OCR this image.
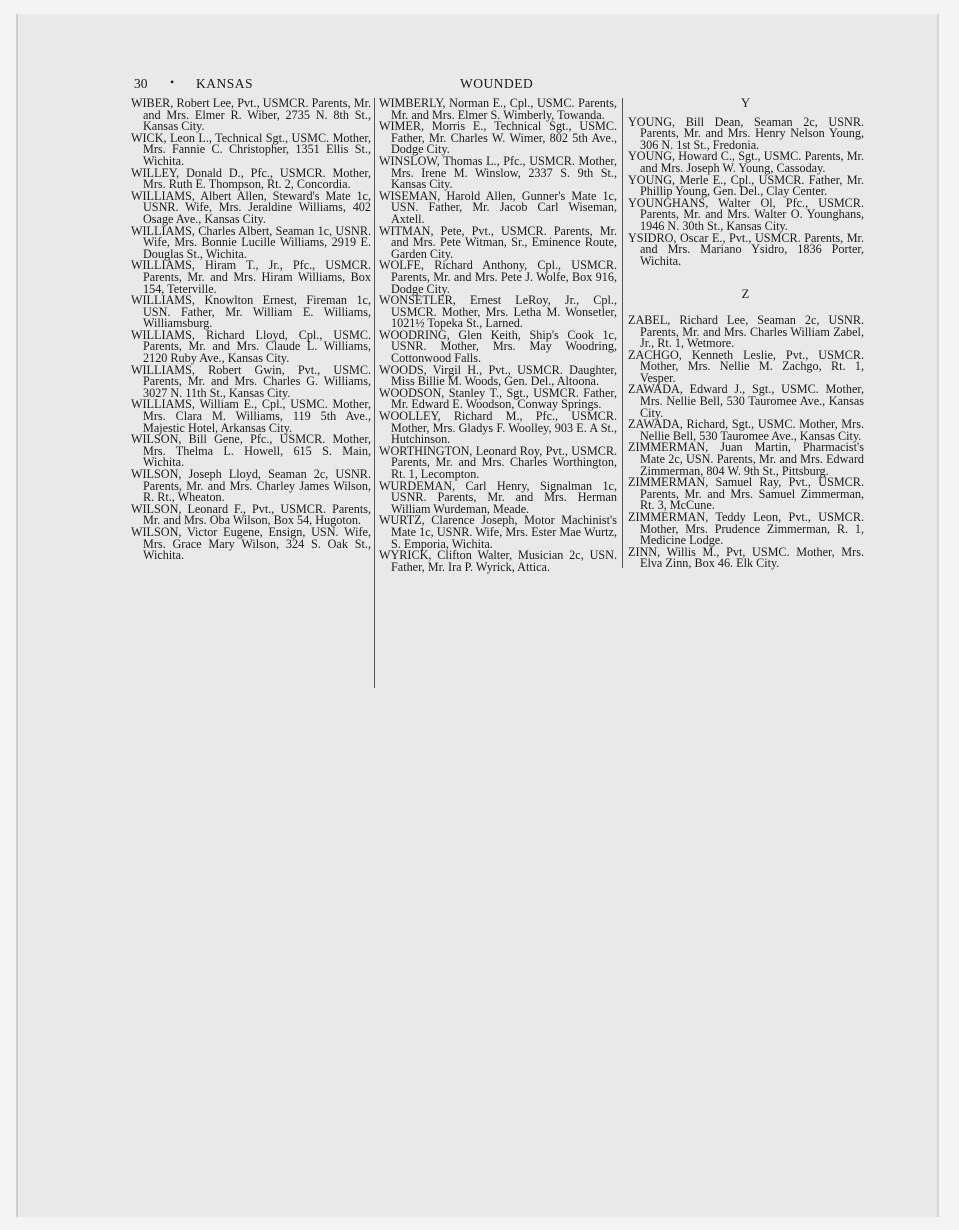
30 • KANSAS	WOUNDED
WIBER, Robert Lee, Pvt., USMCR. Parents, Mr. and Mrs. Elmer R. Wiber, 2735 N. 8th St., Kansas City.
WICK, Leon L., Technical Sgt., USMC. Mother, Mrs. Fannie C. Christopher, 1351 Ellis St., Wichita.
WILLEY, Donald D., Pfc., USMCR. Mother, Mrs. Ruth E. Thompson, Rt. 2, Concordia.
WILLIAMS, Albert Allen, Steward's Mate 1c, USNR. Wife, Mrs. Jeraldine Williams, 402 Osage Ave., Kansas City.
WILLIAMS, Charles Albert, Seaman 1c, USNR. Wife, Mrs. Bonnie Lucille Williams, 2919 E. Douglas St., Wichita.
WILLIAMS, Hiram T., Jr., Pfc., USMCR. Parents, Mr. and Mrs. Hiram Williams, Box 154, Teterville.
WILLIAMS, Knowlton Ernest, Fireman 1c, USN. Father, Mr. William E. Williams, Williamsburg.
WILLIAMS, Richard Lloyd, Cpl., USMC. Parents, Mr. and Mrs. Claude L. Williams, 2120 Ruby Ave., Kansas City.
WILLIAMS, Robert Gwin, Pvt., USMC. Parents, Mr. and Mrs. Charles G. Williams, 3027 N. 11th St., Kansas City.
WILLIAMS, William E., Cpl., USMC. Mother, Mrs. Clara M. Williams, 119 5th Ave., Majestic Hotel, Arkansas City.
WILSON, Bill Gene, Pfc., USMCR. Mother, Mrs. Thelma L. Howell, 615 S. Main, Wichita.
WILSON, Joseph Lloyd, Seaman 2c, USNR. Parents, Mr. and Mrs. Charley James Wilson, R. Rt., Wheaton.
WILSON, Leonard F., Pvt., USMCR. Parents, Mr. and Mrs. Oba Wilson, Box 54, Hugoton.
WILSON, Victor Eugene, Ensign, USN. Wife, Mrs. Grace Mary Wilson, 324 S. Oak St., Wichita.
WIMBERLY, Norman E., Cpl., USMC. Parents, Mr. and Mrs. Elmer S. Wimberly, Towanda.
WIMER, Morris E., Technical Sgt., USMC. Father, Mr. Charles W. Wimer, 802 5th Ave., Dodge City.
WINSLOW, Thomas L., Pfc., USMCR. Mother, Mrs. Irene M. Winslow, 2337 S. 9th St., Kansas City.
WISEMAN, Harold Allen, Gunner's Mate 1c, USN. Father, Mr. Jacob Carl Wiseman, Axtell.
WITMAN, Pete, Pvt., USMCR. Parents, Mr. and Mrs. Pete Witman, Sr., Eminence Route, Garden City.
WOLFE, Richard Anthony, Cpl., USMCR. Parents, Mr. and Mrs. Pete J. Wolfe, Box 916, Dodge City.
WONSETLER, Ernest LeRoy, Jr., Cpl., USMCR. Mother, Mrs. Letha M. Wonsetler, 1021½ Topeka St., Larned.
WOODRING, Glen Keith, Ship's Cook 1c, USNR. Mother, Mrs. May Woodring, Cottonwood Falls.
WOODS, Virgil H., Pvt., USMCR. Daughter, Miss Billie M. Woods, Gen. Del., Altoona.
WOODSON, Stanley T., Sgt., USMCR. Father, Mr. Edward E. Woodson, Conway Springs.
WOOLLEY, Richard M., Pfc., USMCR. Mother, Mrs. Gladys F. Woolley, 903 E. A St., Hutchinson.
WORTHINGTON, Leonard Roy, Pvt., USMCR. Parents, Mr. and Mrs. Charles Worthington, Rt. 1, Lecompton.
WURDEMAN, Carl Henry, Signalman 1c, USNR. Parents, Mr. and Mrs. Herman William Wurdeman, Meade.
WURTZ, Clarence Joseph, Motor Machinist's Mate 1c, USNR. Wife, Mrs. Ester Mae Wurtz, S. Emporia, Wichita.
WYRICK, Clifton Walter, Musician 2c, USN. Father, Mr. Ira P. Wyrick, Attica.
Y
YOUNG, Bill Dean, Seaman 2c, USNR. Parents, Mr. and Mrs. Henry Nelson Young, 306 N. 1st St., Fredonia.
YOUNG, Howard C., Sgt., USMC. Parents, Mr. and Mrs. Joseph W. Young, Cassoday.
YOUNG, Merle E., Cpl., USMCR. Father, Mr. Phillip Young, Gen. Del., Clay Center.
YOUNGHANS, Walter Ol, Pfc., USMCR. Parents, Mr. and Mrs. Walter O. Younghans, 1946 N. 30th St., Kansas City.
YSIDRO, Oscar E., Pvt., USMCR. Parents, Mr. and Mrs. Mariano Ysidro, 1836 Porter, Wichita.
Z
ZABEL, Richard Lee, Seaman 2c, USNR. Parents, Mr. and Mrs. Charles William Zabel, Jr., Rt. 1, Wetmore.
ZACHGO, Kenneth Leslie, Pvt., USMCR. Mother, Mrs. Nellie M. Zachgo, Rt. 1, Vesper.
ZAWADA, Edward J., Sgt., USMC. Mother, Mrs. Nellie Bell, 530 Tauromee Ave., Kansas City.
ZAWADA, Richard, Sgt., USMC. Mother, Mrs. Nellie Bell, 530 Tauromee Ave., Kansas City.
ZIMMERMAN, Juan Martin, Pharmacist's Mate 2c, USN. Parents, Mr. and Mrs. Edward Zimmerman, 804 W. 9th St., Pittsburg.
ZIMMERMAN, Samuel Ray, Pvt., USMCR. Parents, Mr. and Mrs. Samuel Zimmerman, Rt. 3, McCune.
ZIMMERMAN, Teddy Leon, Pvt., USMCR. Mother, Mrs. Prudence Zimmerman, R. 1, Medicine Lodge.
ZINN, Willis M., Pvt, USMC. Mother, Mrs. Elva Zinn, Box 46. Elk City.
